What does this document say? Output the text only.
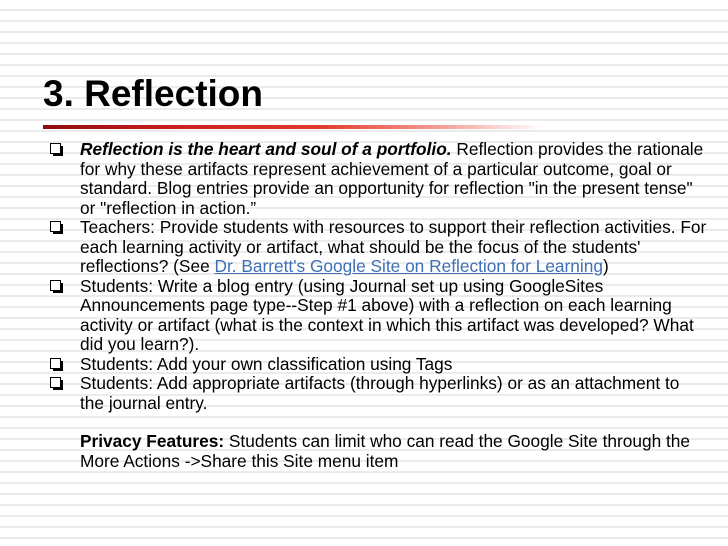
3. Reflection
Reflection is the heart and soul of a portfolio. Reflection provides the rationale for why these artifacts represent achievement of a particular outcome, goal or standard. Blog entries provide an opportunity for reflection "in the present tense" or "reflection in action.”
Teachers: Provide students with resources to support their reflection activities. For each learning activity or artifact, what should be the focus of the students' reflections? (See Dr. Barrett's Google Site on Reflection for Learning)
Students: Write a blog entry (using Journal set up using GoogleSites Announcements page type--Step #1 above) with a reflection on each learning activity or artifact (what is the context in which this artifact was developed? What did you learn?).
Students: Add your own classification using Tags
Students: Add appropriate artifacts (through hyperlinks) or as an attachment to the journal entry.
Privacy Features: Students can limit who can read the Google Site through the More Actions ->Share this Site menu item
